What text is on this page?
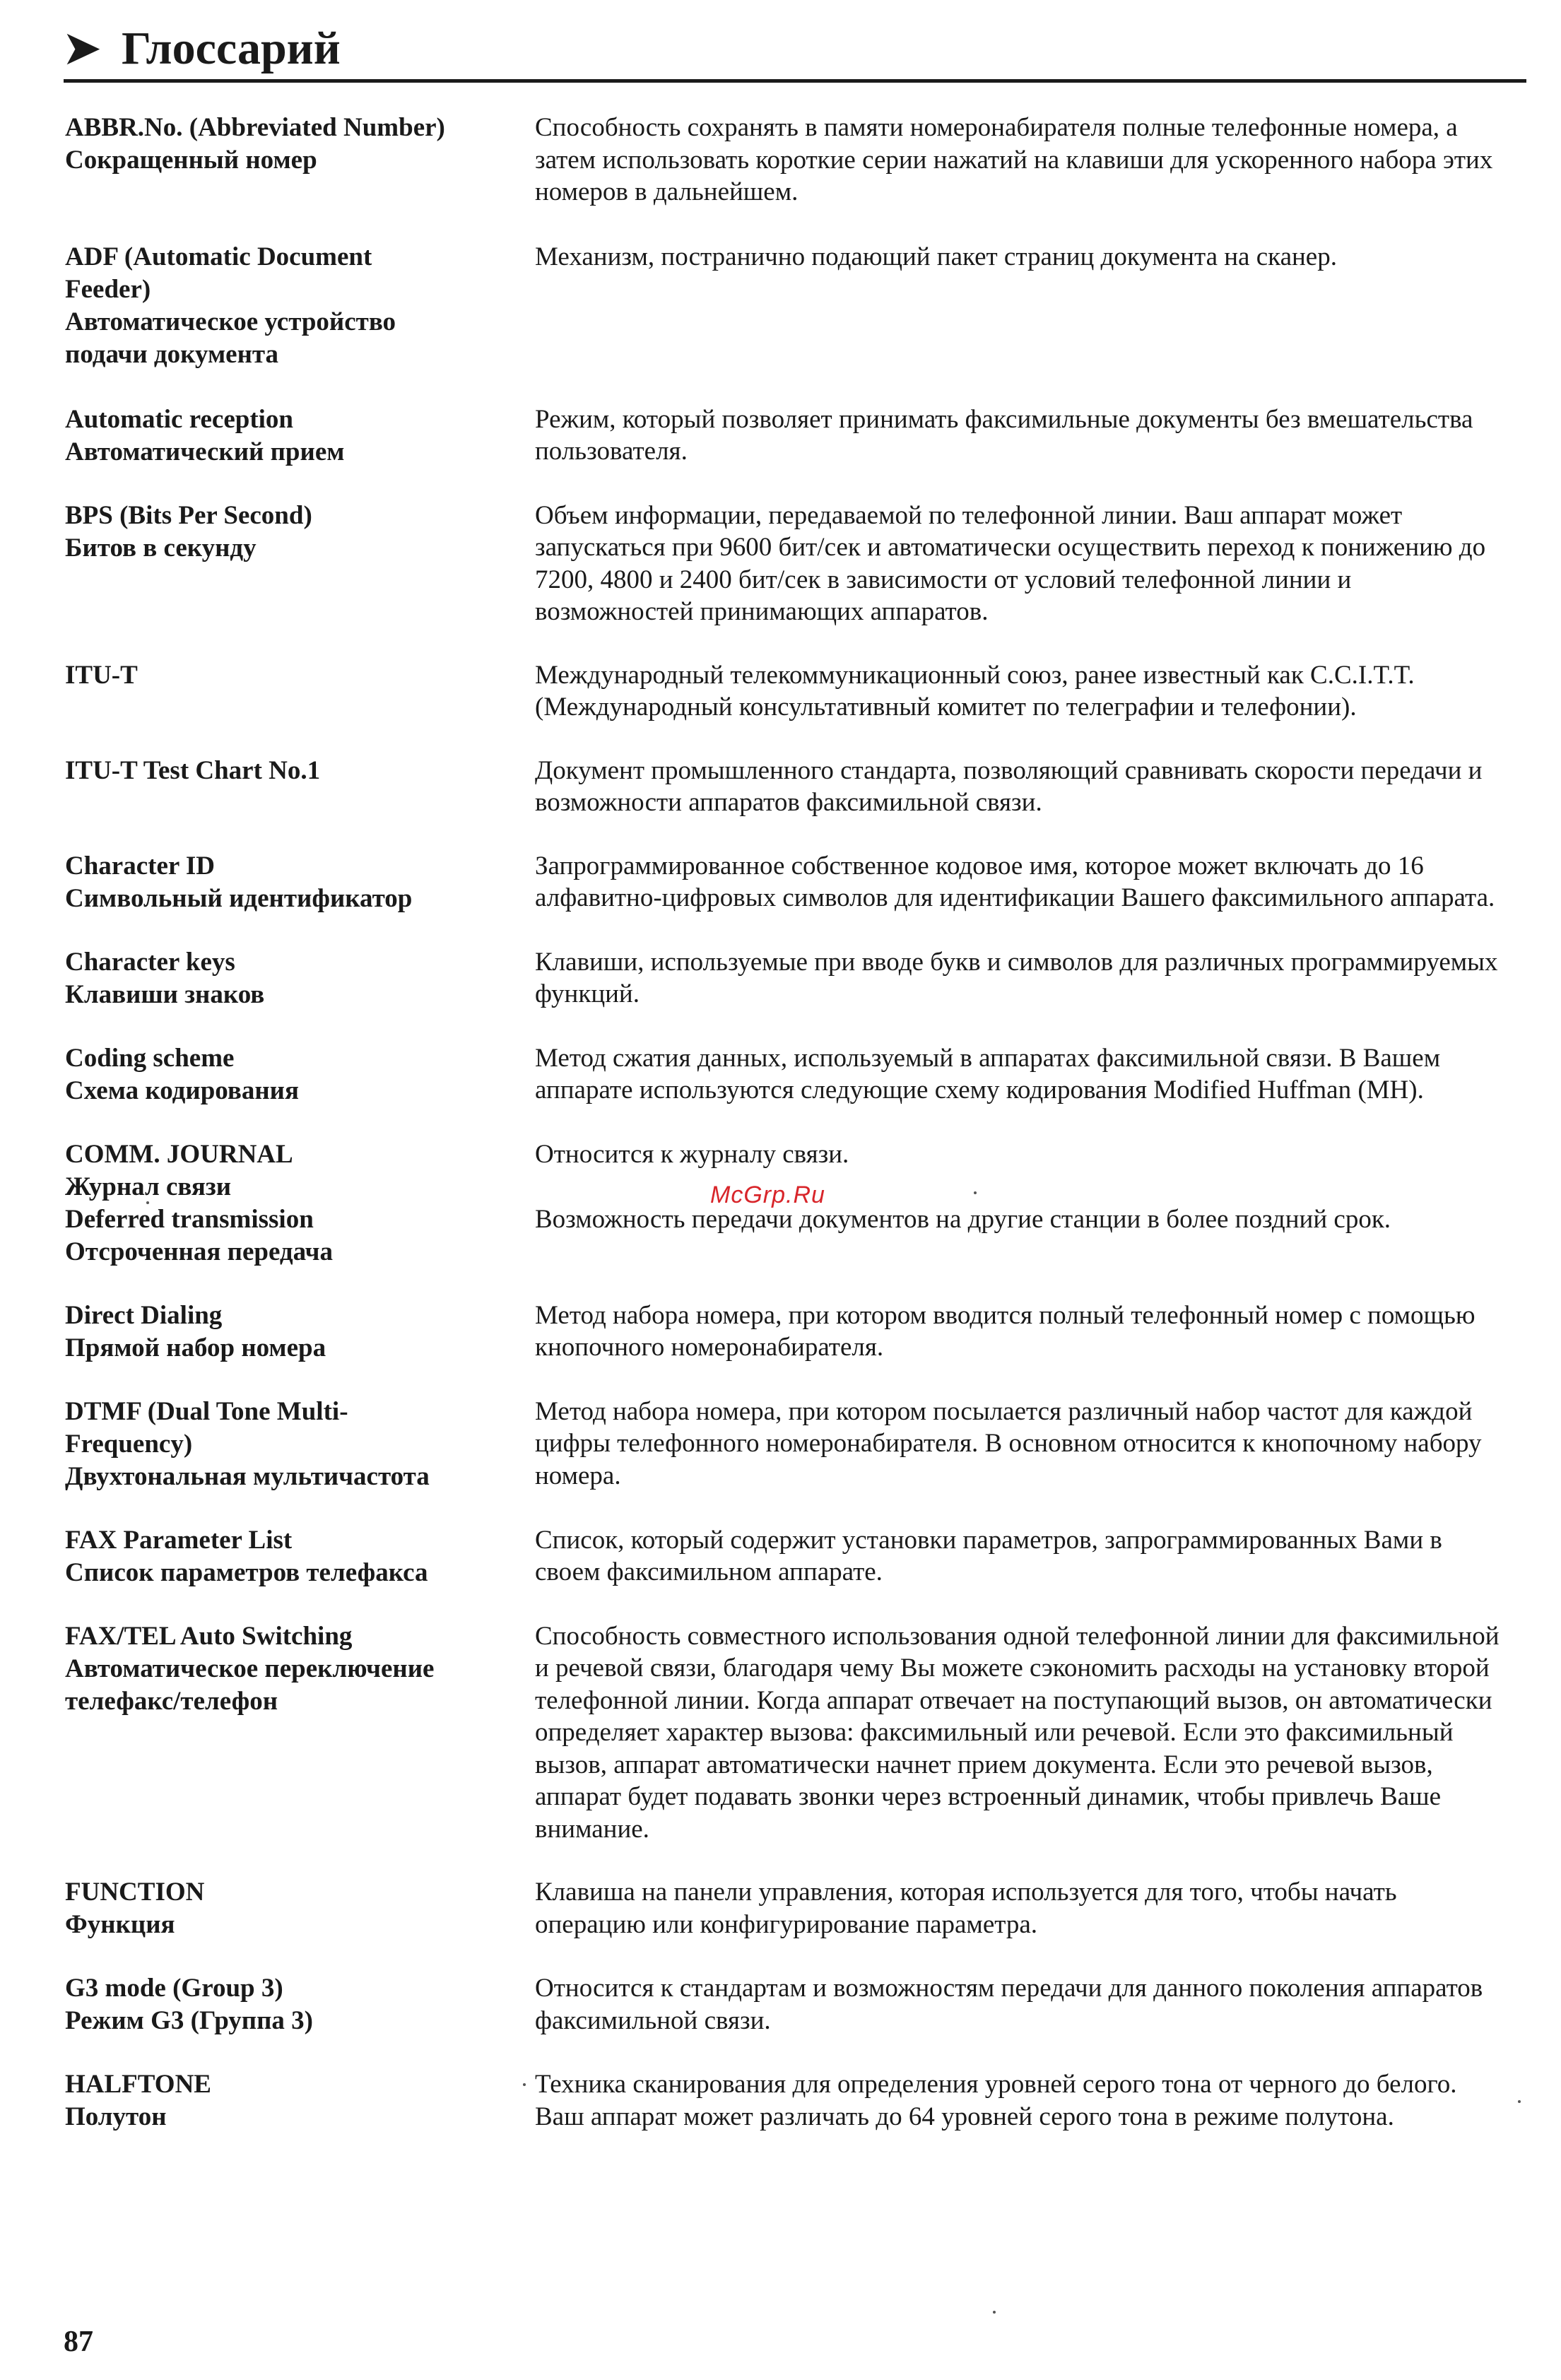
➤ Глоссарий
ABBR.No. (Abbreviated Number)
Сокращенный номер
Способность сохранять в памяти номеронабирателя полные телефонные номера, а затем использовать короткие серии нажатий на клавиши для ускоренного набора этих номеров в дальнейшем.
ADF (Automatic Document
Feeder)
Автоматическое устройство
подачи документа
Механизм, постранично подающий пакет страниц документа на сканер.
Automatic reception
Автоматический прием
Режим, который позволяет принимать факсимильные документы без вмешательства пользователя.
BPS (Bits Per Second)
Битов в секунду
Объем информации, передаваемой по телефонной линии. Ваш аппарат может запускаться при 9600 бит/сек и автоматически осуществить переход к понижению до 7200, 4800 и 2400 бит/сек в зависимости от условий телефонной линии и возможностей принимающих аппаратов.
ITU-T	Международный телекоммуникационный союз, ранее известный как C.C.I.T.T. (Международный консультативный комитет по телеграфии и телефонии).
ITU-T Test Chart No.1	Документ промышленного стандарта, позволяющий сравнивать скорости передачи и возможности аппаратов факсимильной связи.
Character ID
Символьный идентификатор
Запрограммированное собственное кодовое имя, которое может включать до 16 алфавитно-цифровых символов для идентификации Вашего факсимильного аппарата.
Character keys
Клавиши знаков
Клавиши, используемые при вводе букв и символов для различных программируемых функций.
Coding scheme
Схема кодирования
Метод сжатия данных, используемый в аппаратах факсимильной связи. В Вашем аппарате используются следующие схему кодирования Modified Huffman (MH).
COMM. JOURNAL
Журнал связи
Относится к журналу связи.
Deferred transmission
Отсроченная передача
Возможность передачи документов на другие станции в более поздний срок.
Direct Dialing
Прямой набор номера
Метод набора номера, при котором вводится полный телефонный номер с помощью кнопочного номеронабирателя.
DTMF (Dual Tone Multi-
Frequency)
Двухтональная мультичастота
Метод набора номера, при котором посылается различный набор частот для каждой цифры телефонного номеронабирателя. В основном относится к кнопочному набору номера.
FAX Parameter List
Список параметров телефакса
Список, который содержит установки параметров, запрограммированных Вами в своем факсимильном аппарате.
FAX/TEL Auto Switching
Автоматическое переключение
телефакс/телефон
Способность совместного использования одной телефонной линии для факсимильной и речевой связи, благодаря чему Вы можете сэкономить расходы на установку второй телефонной линии. Когда аппарат отвечает на поступающий вызов, он автоматически определяет характер вызова: факсимильный или речевой. Если это факсимильный вызов, аппарат автоматически начнет прием документа. Если это речевой вызов, аппарат будет подавать звонки через встроенный динамик, чтобы привлечь Ваше внимание.
FUNCTION
Функция
Клавиша на панели управления, которая используется для того, чтобы начать операцию или конфигурирование параметра.
G3 mode (Group 3)
Режим G3 (Группа 3)
Относится к стандартам и возможностям передачи для данного поколения аппаратов факсимильной связи.
HALFTONE
Полутон
Техника сканирования для определения уровней серого тона от черного до белого. Ваш аппарат может различать до 64 уровней серого тона в режиме полутона.
McGrp.Ru
87
